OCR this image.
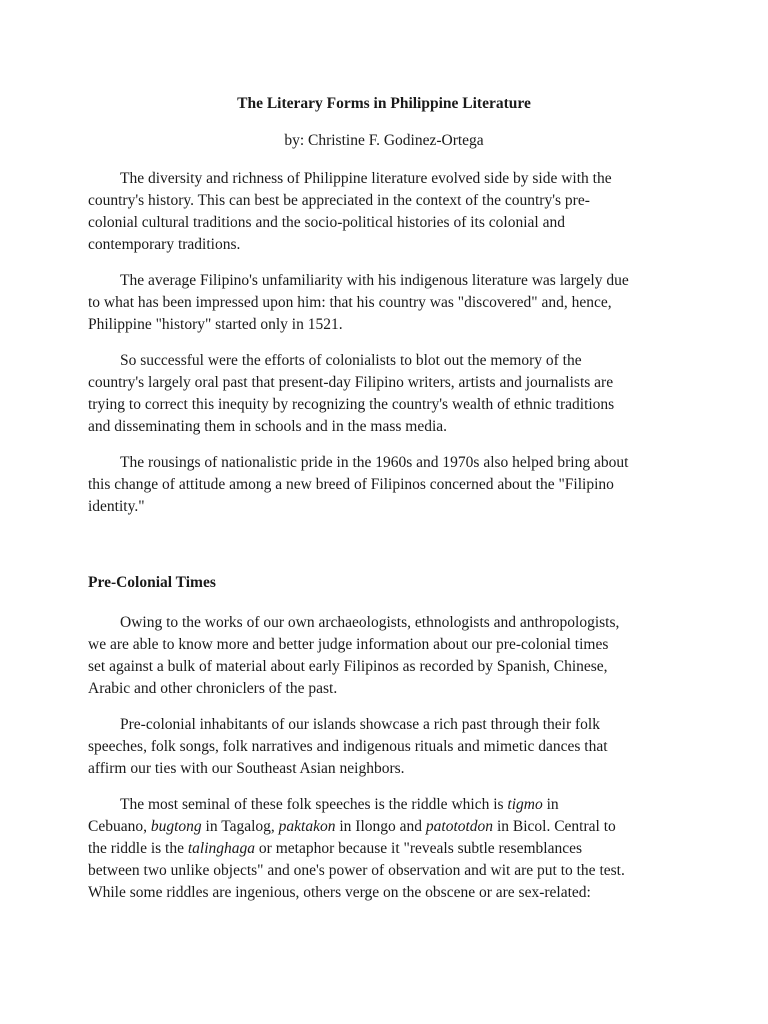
The Literary Forms in Philippine Literature

by: Christine F. Godinez-Ortega

The diversity and richness of Philippine literature evolved side by side with the
country's history. This can best be appreciated in the context of the country's pre-
colonial cultural traditions and the socio-political histories of its colonial and
contemporary traditions.

The average Filipino's unfamiliarity with his indigenous literature was largely due
to what has been impressed upon him: that his country was "discovered" and, hence,
Philippine "history" started only in 1521.

So successful were the efforts of colonialists to blot out the memory of the
country's largely oral past that present-day Filipino writers, artists and journalists are
trying to correct this inequity by recognizing the country's wealth of ethnic traditions
and disseminating them in schools and in the mass media.

The rousings of nationalistic pride in the 1960s and 1970s also helped bring about
this change of attitude among a new breed of Filipinos concerned about the "Filipino
identity."

Pre-Colonial Times

Owing to the works of our own archaeologists, ethnologists and anthropologists,
we are able to know more and better judge information about our pre-colonial times
set against a bulk of material about early Filipinos as recorded by Spanish, Chinese,
Arabic and other chroniclers of the past.

Pre-colonial inhabitants of our islands showcase a rich past through their folk
speeches, folk songs, folk narratives and indigenous rituals and mimetic dances that
affirm our ties with our Southeast Asian neighbors.

The most seminal of these folk speeches is the riddle which is tigmo in
Cebuano, bugtong in Tagalog, paktakon in Ilongo and patototdon in Bicol. Central to
the riddle is the talinghaga or metaphor because it "reveals subtle resemblances
between two unlike objects" and one's power of observation and wit are put to the test.
While some riddles are ingenious, others verge on the obscene or are sex-related:
